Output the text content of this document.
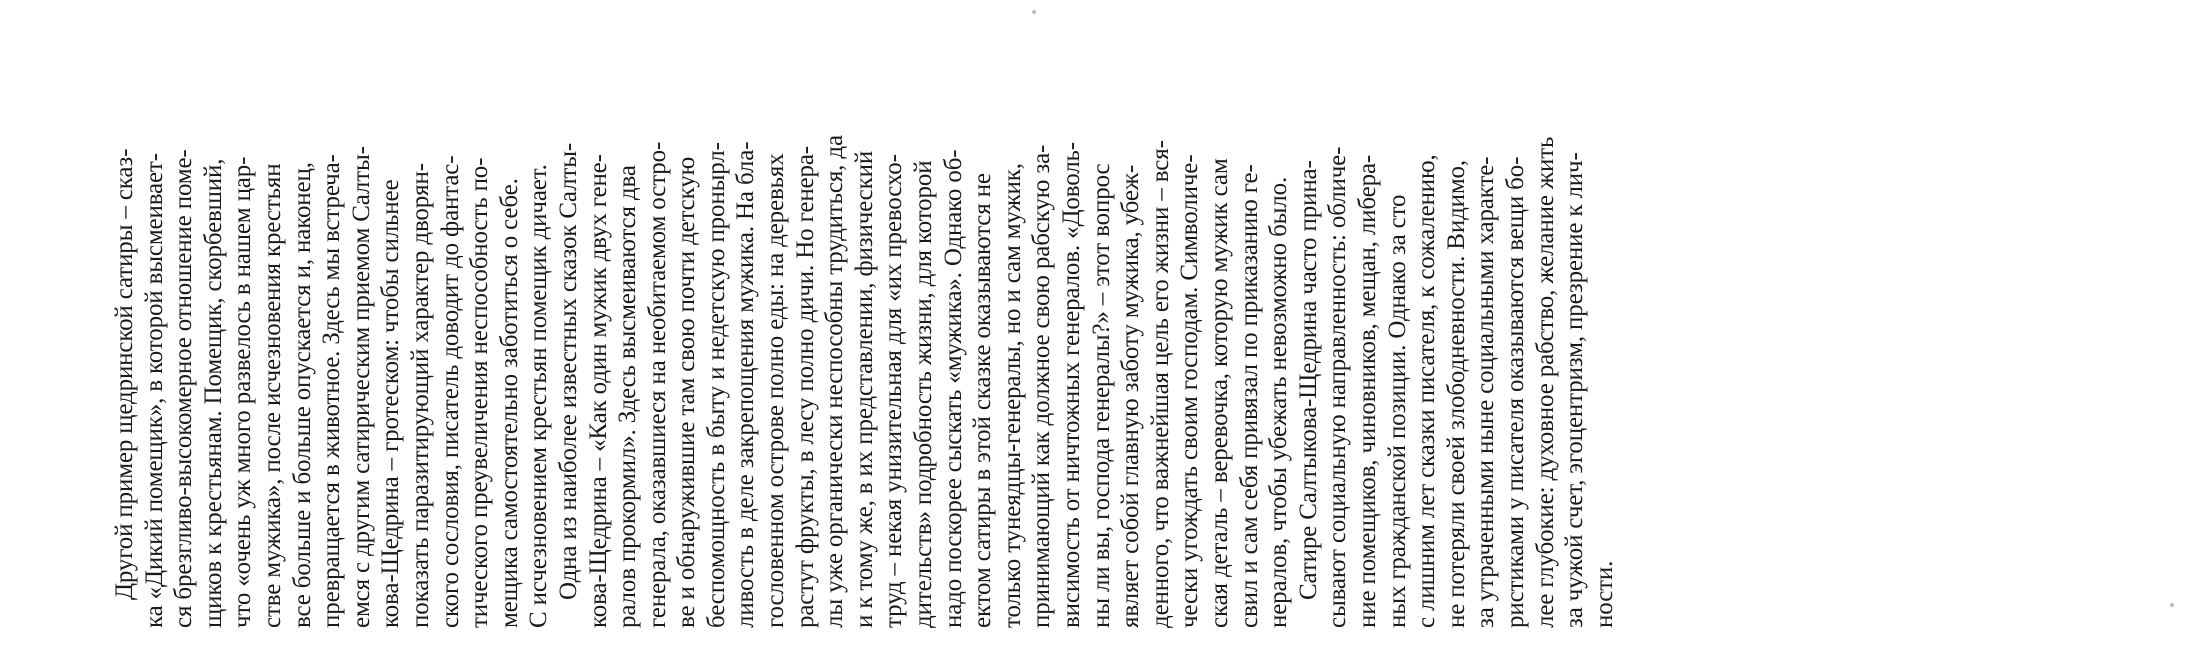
Другой пример щедринской сатиры – сказ- ка «Дикий помещик», в которой высмеивает- ся брезгливо-высокомерное отношение поме- щиков к крестьянам. Помещик, скорбевший, что «очень уж много развелось в нашем цар- стве мужика», после исчезновения крестьян все больше и больше опускается и, наконец, превращается в животное. Здесь мы встреча- емся с другим сатирическим приемом Салты- кова-Щедрина – гротеском: чтобы сильнее показать паразитирующий характер дворян- ского сословия, писатель доводит до фантас- тического преувеличения неспособность по- мещика самостоятельно заботиться о себе. С исчезновением крестьян помещик дичает. Одна из наиболее известных сказок Салты- кова-Щедрина – «Как один мужик двух гене- ралов прокормил». Здесь высмеиваются два генерала, оказавшиеся на необитаемом остро- ве и обнаружившие там свою почти детскую беспомощность в быту и недетскую пронырл- ливость в деле закрепощения мужика. На бла- гословенном острове полно еды: на деревьях растут фрукты, в лесу полно дичи. Но генера- лы уже органически неспособны трудиться, да и к тому же, в их представлении, физический труд – некая унизительная для «их превосхо- дительств» подробность жизни, для которой надо поскорее сыскать «мужика». Однако об- ектом сатиры в этой сказке оказываются не только тунеядцы-генералы, но и сам мужик, принимающий как должное свою рабскую за- висимость от ничтожных генералов. «Доволь- ны ли вы, господа генералы?» – этот вопрос являет собой главную заботу мужика, убеж- денного, что важнейшая цель его жизни – вся- чески угождать своим господам. Символиче- ская деталь – веревочка, которую мужик сам свил и сам себя привязал по приказанию ге- нералов, чтобы убежать невозможно было. Сатире Салтыкова-Щедрина часто прина- сывают социальную направленность: обличе- ние помещиков, чиновников, мещан, либера- ных гражданской позиции. Однако за сто с лишним лет сказки писателя, к сожалению, не потеряли своей злободневности. Видимо, за утраченными ныне социальными характе- ристиками у писателя оказываются вещи бо- лее глубокие: духовное рабство, желание жить за чужой счет, эгоцентризм, презрение к лич- ности.
